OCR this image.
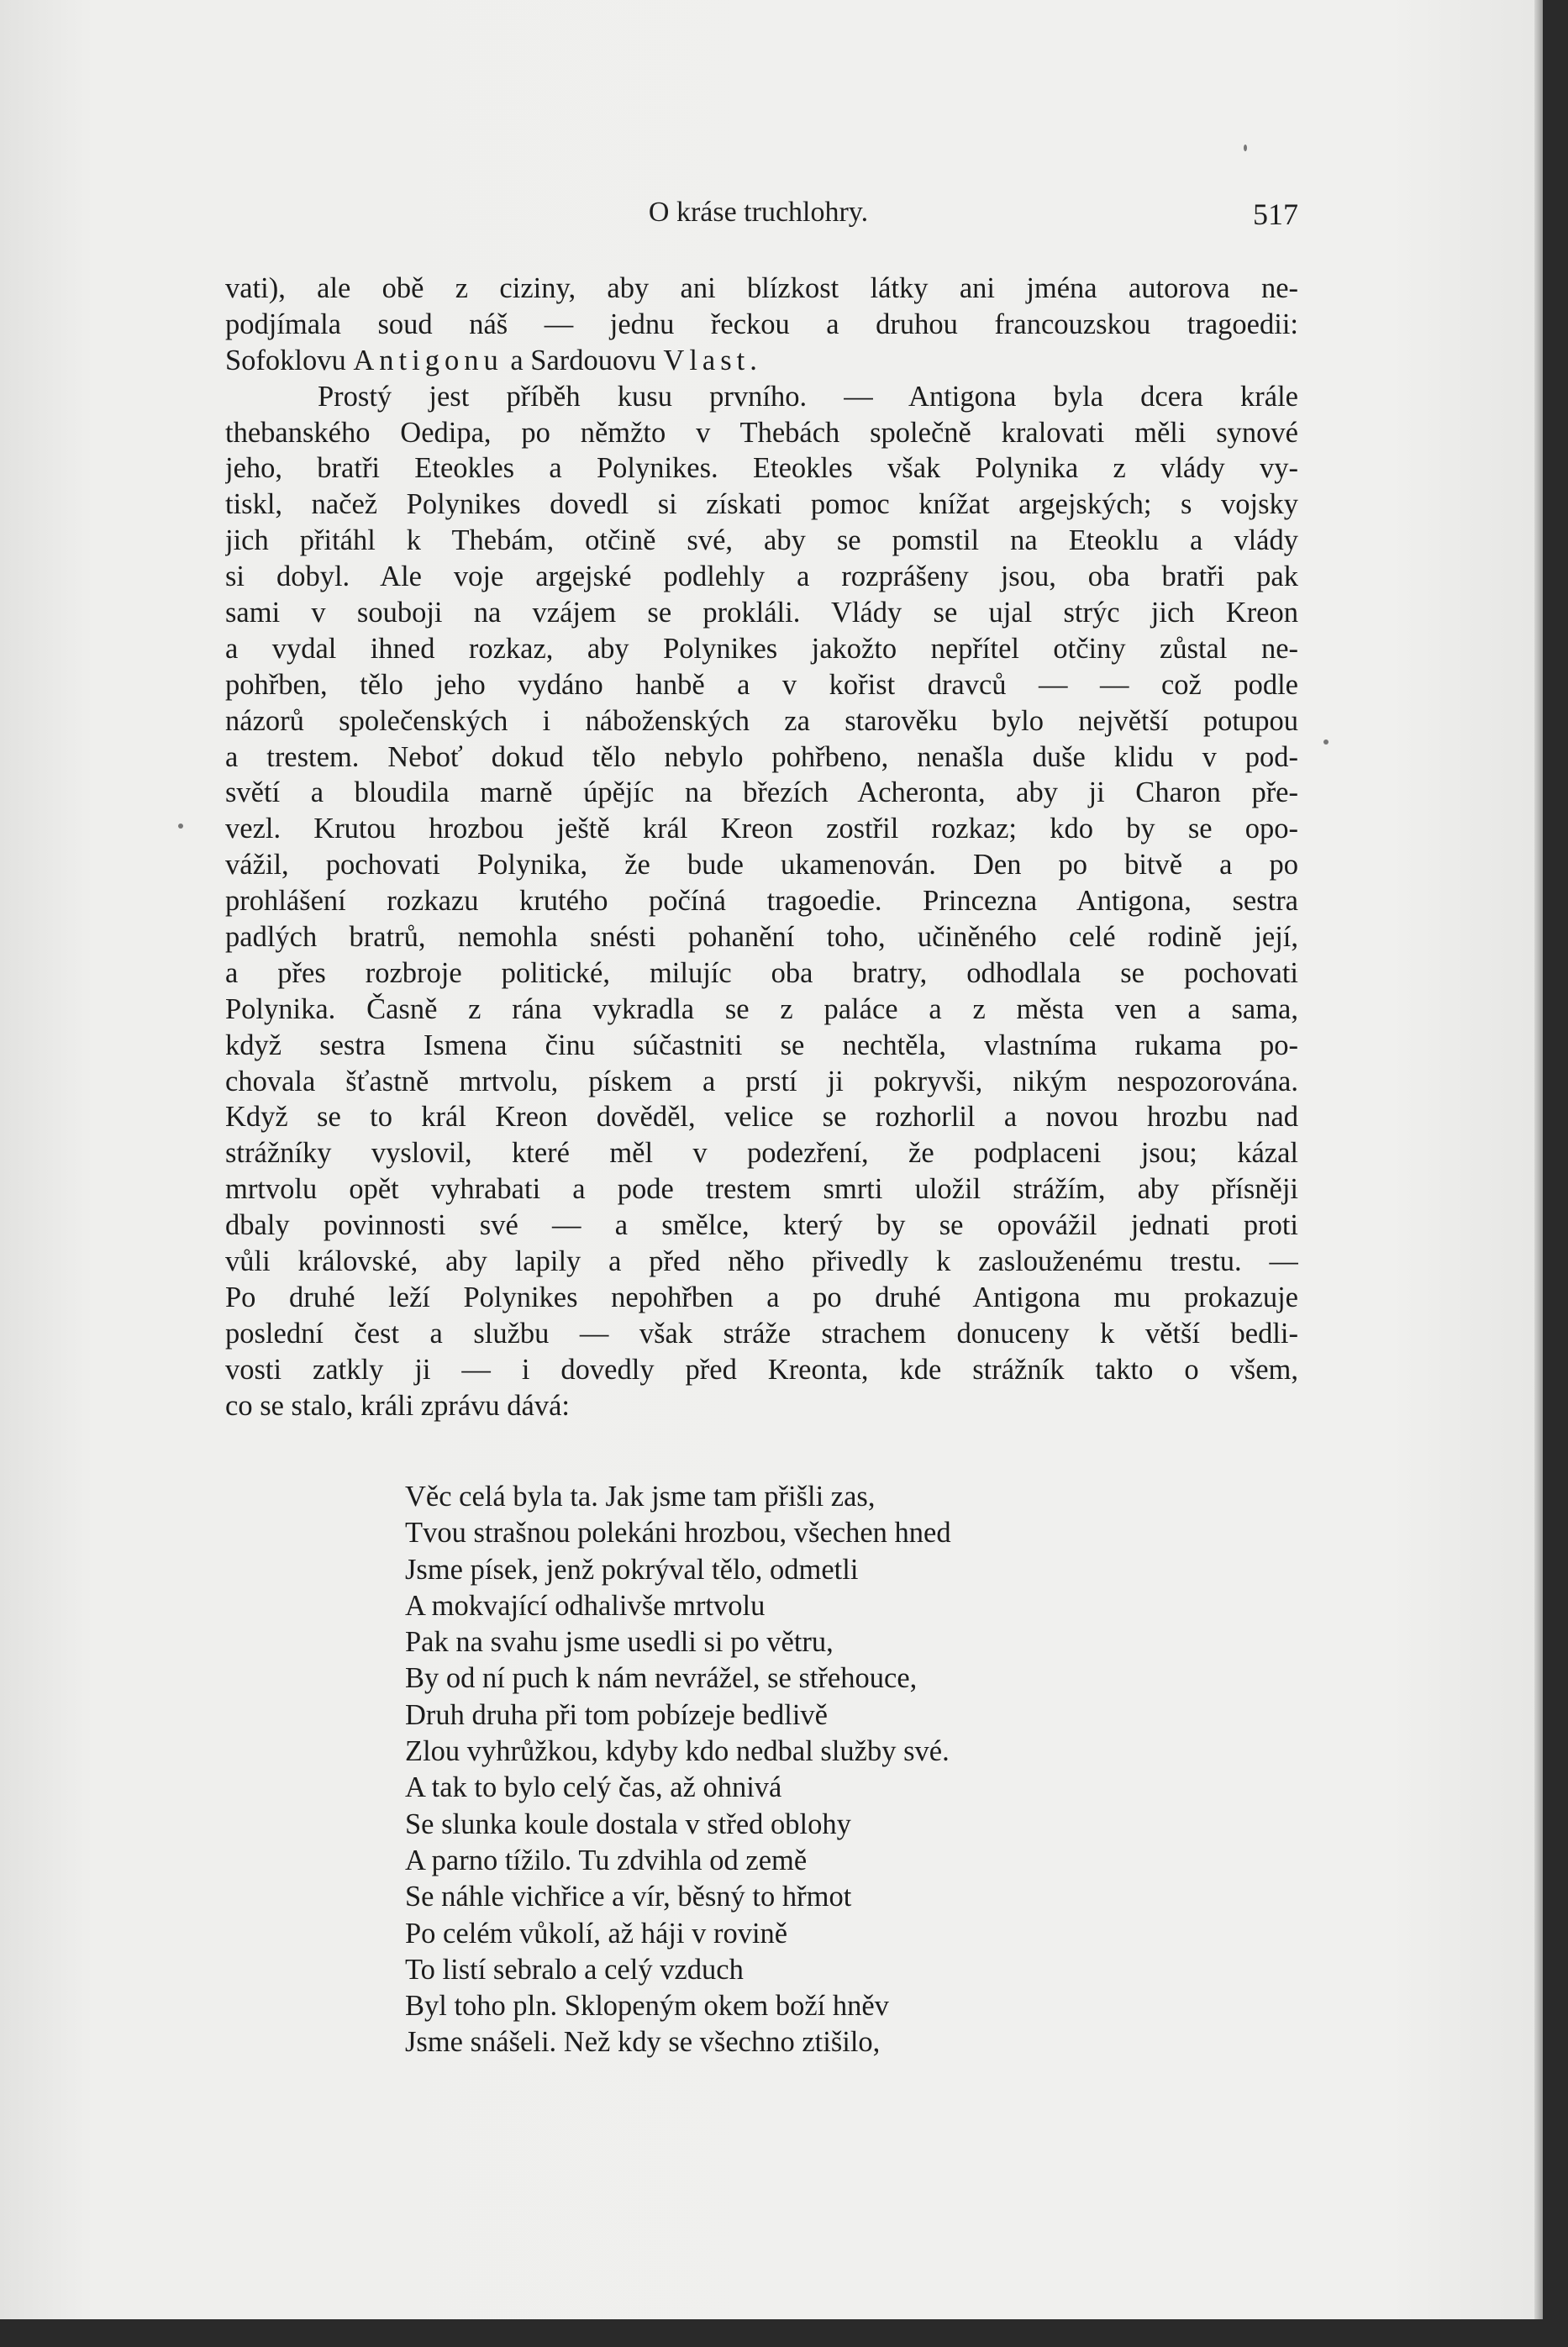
O kráse truchlohry.	517
vati), ale obě z ciziny, aby ani blízkost látky ani jména autorova ne-
podjímala soud náš — jednu řeckou a druhou francouzskou tragoedii:
Sofoklovu Antigonu a Sardouovu Vlast.
Prostý jest příběh kusu prvního. — Antigona byla dcera krále
thebanského Oedipa, po němžto v Thebách společně kralovati měli synové
jeho, bratři Eteokles a Polynikes. Eteokles však Polynika z vlády vy-
tiskl, načež Polynikes dovedl si získati pomoc knížat argejských; s vojsky
jich přitáhl k Thebám, otčině své, aby se pomstil na Eteoklu a vlády
si dobyl. Ale voje argejské podlehly a rozprášeny jsou, oba bratři pak
sami v souboji na vzájem se prokláli. Vlády se ujal strýc jich Kreon
a vydal ihned rozkaz, aby Polynikes jakožto nepřítel otčiny zůstal ne-
pohřben, tělo jeho vydáno hanbě a v kořist dravců — — což podle
názorů společenských i náboženských za starověku bylo největší potupou
a trestem. Neboť dokud tělo nebylo pohřbeno, nenašla duše klidu v pod-
světí a bloudila marně úpějíc na březích Acheronta, aby ji Charon pře-
vezl. Krutou hrozbou ještě král Kreon zostřil rozkaz; kdo by se opo-
vážil, pochovati Polynika, že bude ukamenován. Den po bitvě a po
prohlášení rozkazu krutého počíná tragoedie. Princezna Antigona, sestra
padlých bratrů, nemohla snésti pohanění toho, učiněného celé rodině její,
a přes rozbroje politické, milujíc oba bratry, odhodlala se pochovati
Polynika. Časně z rána vykradla se z paláce a z města ven a sama,
když sestra Ismena činu súčastniti se nechtěla, vlastníma rukama po-
chovala šťastně mrtvolu, pískem a prstí ji pokryvši, nikým nespozorována.
Když se to král Kreon dověděl, velice se rozhorlil a novou hrozbu nad
strážníky vyslovil, které měl v podezření, že podplaceni jsou; kázal
mrtvolu opět vyhrabati a pode trestem smrti uložil strážím, aby přísněji
dbaly povinnosti své — a smělce, který by se opovážil jednati proti
vůli královské, aby lapily a před něho přivedly k zaslouženému trestu. —
Po druhé leží Polynikes nepohřben a po druhé Antigona mu prokazuje
poslední čest a službu — však stráže strachem donuceny k větší bedli-
vosti zatkly ji — i dovedly před Kreonta, kde strážník takto o všem,
co se stalo, králi zprávu dává:
Věc celá byla ta. Jak jsme tam přišli zas,
Tvou strašnou polekáni hrozbou, všechen hned
Jsme písek, jenž pokrýval tělo, odmetli
A mokvající odhalivše mrtvolu
Pak na svahu jsme usedli si po větru,
By od ní puch k nám nevrážel, se střehouce,
Druh druha při tom pobízeje bedlivě
Zlou vyhrůžkou, kdyby kdo nedbal služby své.
A tak to bylo celý čas, až ohnivá
Se slunka koule dostala v střed oblohy
A parno tížilo. Tu zdvihla od země
Se náhle vichřice a vír, běsný to hřmot
Po celém vůkolí, až háji v rovině
To listí sebralo a celý vzduch
Byl toho pln. Sklopeným okem boží hněv
Jsme snášeli. Než kdy se všechno ztišilo,
